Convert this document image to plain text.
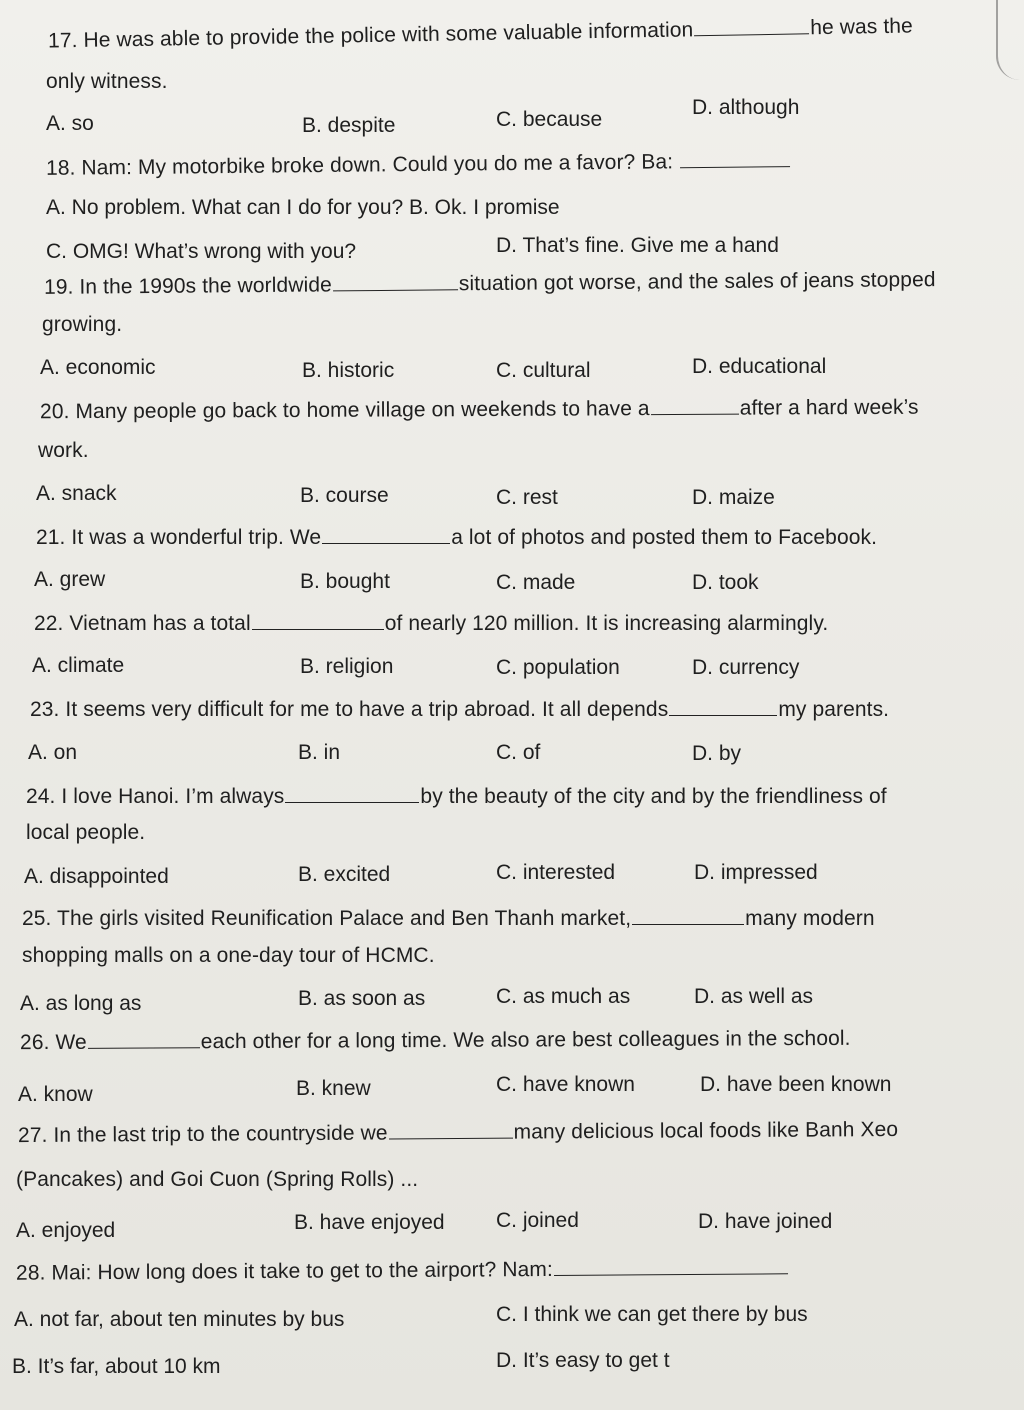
17. He was able to provide the police with some valuable information	he was the
only witness.
A. so	B. despite	C. because
D. although
18. Nam: My motorbike broke down. Could you do me a favor? Ba:
A. No problem. What can I do for you? B. Ok. I promise
C. OMG! What’s wrong with you?	D. That’s fine. Give me a hand
19. In the 1990s the worldwide	situation got worse, and the sales of jeans stopped
growing.
A. economic	B. historic	C. cultural	D. educational
20. Many people go back to home village on weekends to have a	after a hard week’s
work.
A. snack	B. course	C. rest	D. maize
21. It was a wonderful trip. We	a lot of photos and posted them to Facebook.
A. grew	B. bought	C. made	D. took
22. Vietnam has a total	of nearly 120 million. It is increasing alarmingly.
A. climate	B. religion	C. population	D. currency
23. It seems very difficult for me to have a trip abroad. It all depends	my parents.
A. on	B. in	C. of	D. by
24. I love Hanoi. I’m always	by the beauty of the city and by the friendliness of
local people.
A. disappointed	B. excited	C. interested	D. impressed
25. The girls visited Reunification Palace and Ben Thanh market,	many modern
shopping malls on a one-day tour of HCMC.
A. as long as	B. as soon as	C. as much as	D. as well as
26. We	each other for a long time. We also are best colleagues in the school.
A. know	B. knew	C. have known	D. have been known
27. In the last trip to the countryside we	many delicious local foods like Banh Xeo
(Pancakes) and Goi Cuon (Spring Rolls) ...
A. enjoyed	B. have enjoyed C. joined	D. have joined
28. Mai: How long does it take to get to the airport? Nam:
A. not far, about ten minutes by bus	C. I think we can get there by bus
B. It’s far, about 10 km	D. It’s easy to get t
